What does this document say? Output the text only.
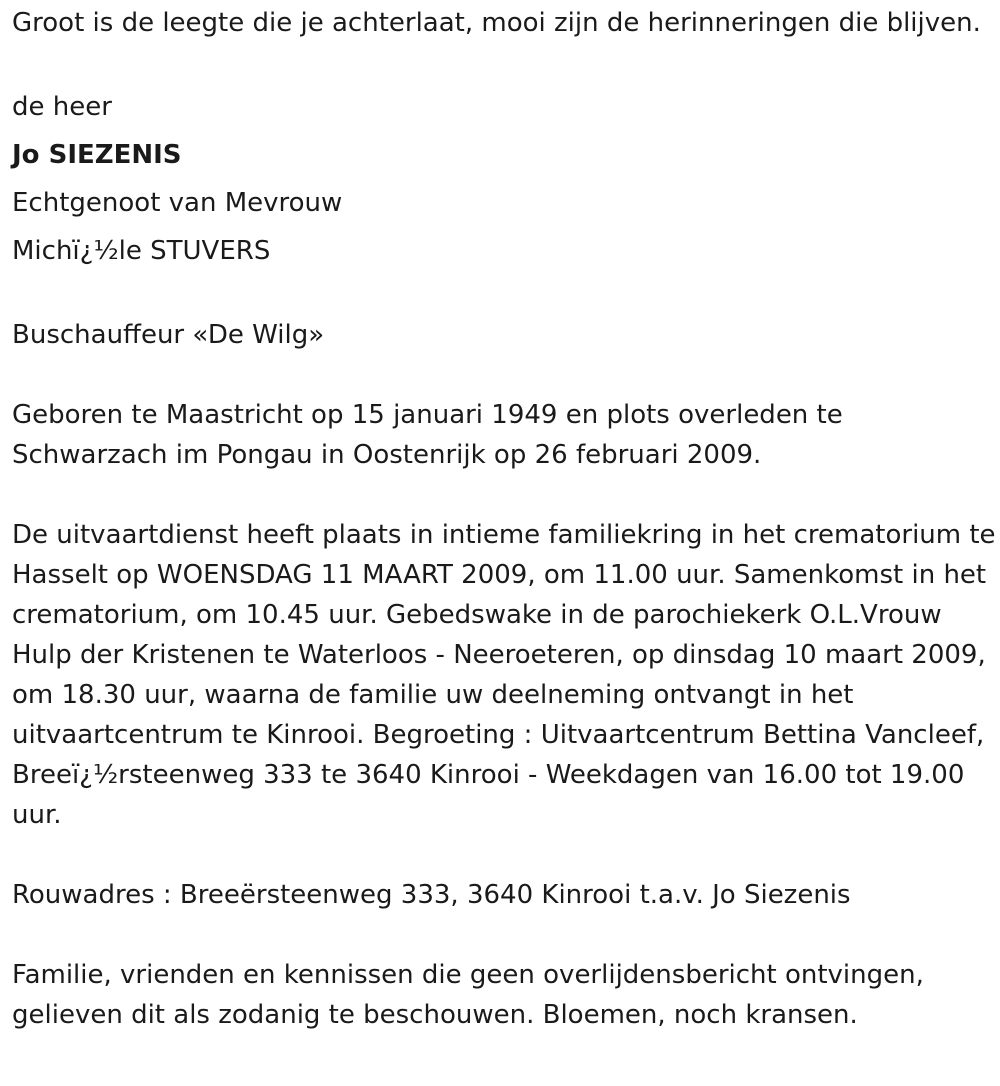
Groot is de leegte die je achterlaat, mooi zijn de herinneringen die blijven.

de heer

Jo SIEZENIS

Echtgenoot van Mevrouw

Michï¿½le STUVERS

Buschauffeur «De Wilg»

Geboren te Maastricht op 15 januari 1949 en plots overleden te Schwarzach im Pongau in Oostenrijk op 26 februari 2009.

De uitvaartdienst heeft plaats in intieme familiekring in het crematorium te Hasselt op WOENSDAG 11 MAART 2009, om 11.00 uur. Samenkomst in het crematorium, om 10.45 uur. Gebedswake in de parochiekerk O.L.Vrouw Hulp der Kristenen te Waterloos - Neeroeteren, op dinsdag 10 maart 2009, om 18.30 uur, waarna de familie uw deelneming ontvangt in het uitvaartcentrum te Kinrooi. Begroeting : Uitvaartcentrum Bettina Vancleef, Breeï¿½rsteenweg 333 te 3640 Kinrooi - Weekdagen van 16.00 tot 19.00 uur.

Rouwadres : Breeërsteenweg 333, 3640 Kinrooi t.a.v. Jo Siezenis

Familie, vrienden en kennissen die geen overlijdensbericht ontvingen, gelieven dit als zodanig te beschouwen. Bloemen, noch kransen.
